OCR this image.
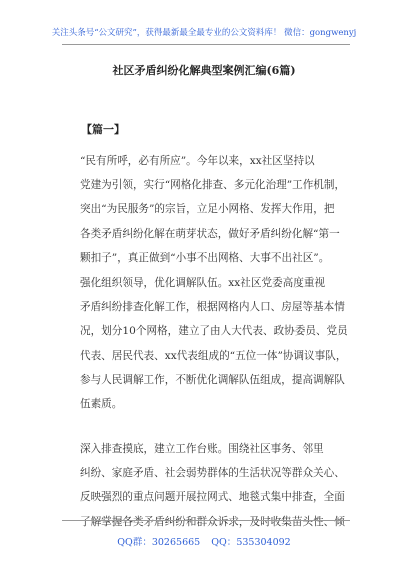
关注头条号“公文研究”，获得最新最全最专业的公文资料库！ 微信：gongwenyj
社区矛盾纠纷化解典型案例汇编(6篇)
【篇一】
“民有所呼，必有所应”。今年以来，xx社区坚持以
党建为引领，实行“网格化排查、多元化治理”工作机制，
突出“为民服务”的宗旨，立足小网格、发挥大作用，把
各类矛盾纠纷化解在萌芽状态，做好矛盾纠纷化解“第一
颗扣子”，真正做到“小事不出网格、大事不出社区”。
强化组织领导，优化调解队伍。xx社区党委高度重视
矛盾纠纷排查化解工作，根据网格内人口、房屋等基本情
况，划分10个网格，建立了由人大代表、政协委员、党员
代表、居民代表、xx代表组成的“五位一体”协调议事队，
参与人民调解工作，不断优化调解队伍组成，提高调解队
伍素质。
深入排查摸底，建立工作台账。围绕社区事务、邻里
纠纷、家庭矛盾、社会弱势群体的生活状况等群众关心、
反映强烈的重点问题开展拉网式、地毯式集中排查，全面
了解掌握各类矛盾纠纷和群众诉求，及时收集苗头性、倾
QQ群：30265665 QQ：535304092
